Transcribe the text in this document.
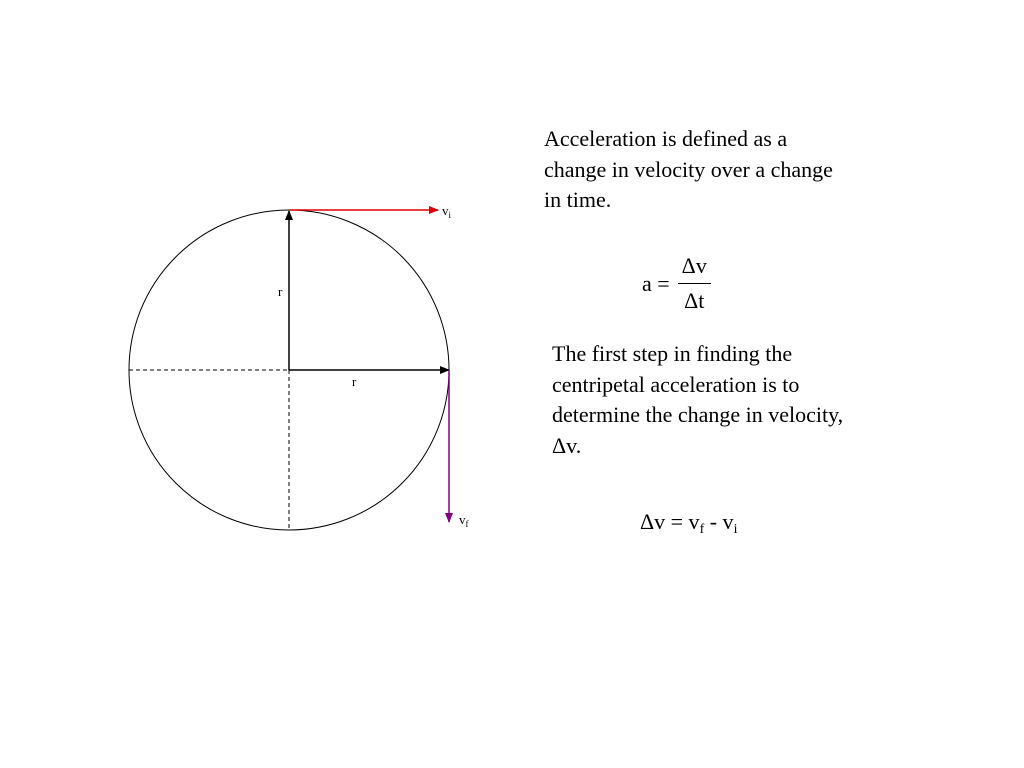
r
r
$v_i$
$v_f$

Acceleration is defined as a change in velocity over a change in time.

$a = \frac{\Delta v}{\Delta t}$

The first step in finding the centripetal acceleration is to determine the change in velocity, Δv.

$\Delta v = v_f - v_i$
